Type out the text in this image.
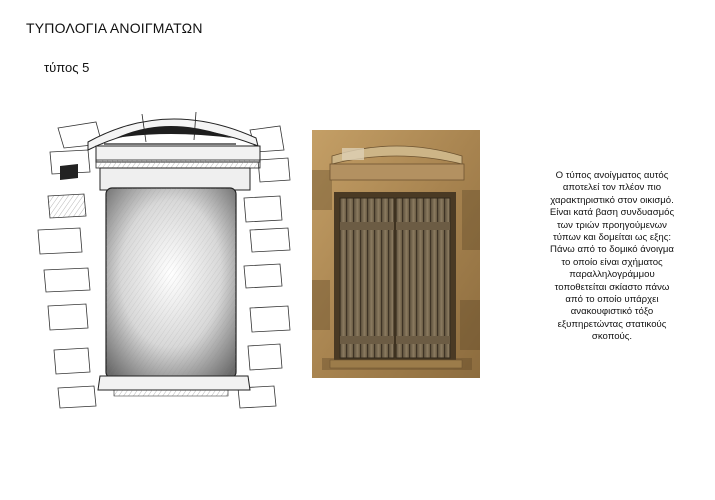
ΤΥΠΟΛΟΓΙΑ ΑΝΟΙΓΜΑΤΩΝ
τύπος 5
Ο τύπος ανοίγματος αυτός
αποτελεί τον πλέον πιο
χαρακτηριστικό στον οικισμό.
Είναι κατά βαση συνδυασμός
των τριών προηγούμενων
τύπων και δομείται ως εξης:
Πάνω από το δομικό άνοιγμα
το οποίο είναι σχήματος
παραλληλογράμμου
τοποθετείται σκίαστο πάνω
από το οποίο υπάρχει
ανακουφιστικό τόξο
εξυπηρετώντας στατικούς
σκοπούς.
